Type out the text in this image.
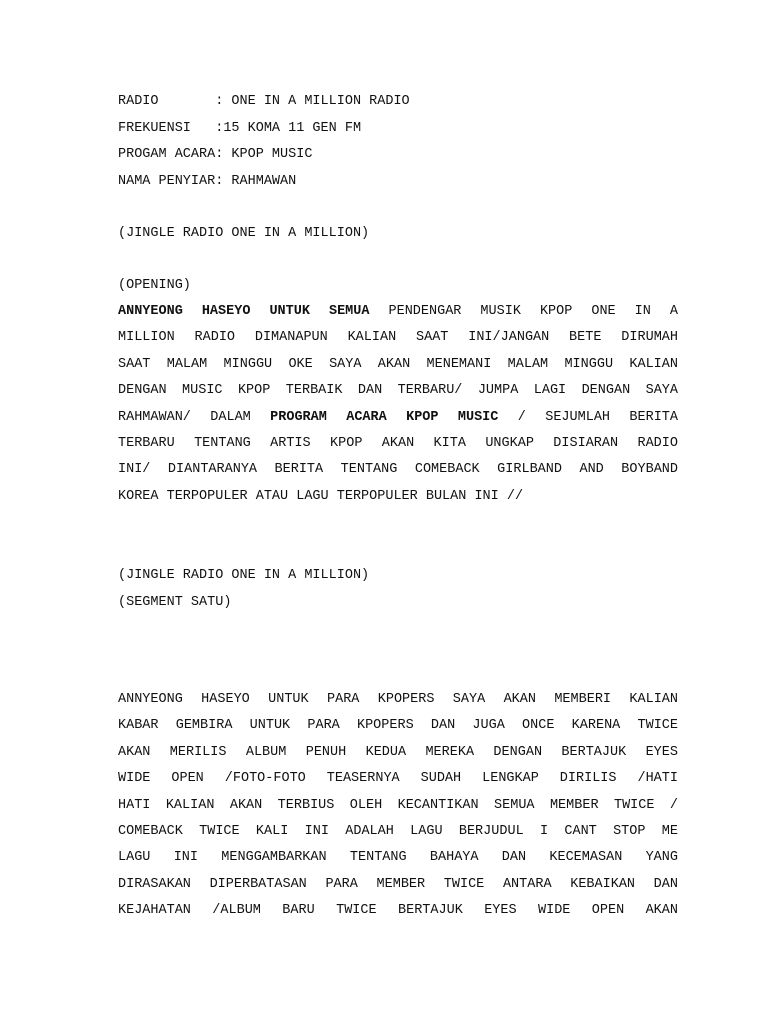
RADIO       : ONE IN A MILLION RADIO
FREKUENSI   :15 KOMA 11 GEN FM
PROGAM ACARA: KPOP MUSIC
NAMA PENYIAR: RAHMAWAN
(JINGLE RADIO ONE IN A MILLION)
(OPENING)
ANNYEONG HASEYO UNTUK SEMUA PENDENGAR MUSIK KPOP ONE IN A
MILLION RADIO DIMANAPUN KALIAN SAAT INI/JANGAN BETE DIRUMAH
SAAT MALAM MINGGU OKE SAYA AKAN MENEMANI MALAM MINGGU KALIAN
DENGAN MUSIC KPOP TERBAIK DAN TERBARU/ JUMPA LAGI DENGAN SAYA
RAHMAWAN/ DALAM PROGRAM ACARA KPOP MUSIC / SEJUMLAH BERITA
TERBARU TENTANG ARTIS KPOP AKAN KITA UNGKAP DISIARAN RADIO
INI/ DIANTARANYA BERITA TENTANG COMEBACK GIRLBAND AND BOYBAND
KOREA TERPOPULER ATAU LAGU TERPOPULER BULAN INI //
(JINGLE RADIO ONE IN A MILLION)
(SEGMENT SATU)
ANNYEONG HASEYO UNTUK PARA KPOPERS SAYA AKAN MEMBERI KALIAN
KABAR GEMBIRA UNTUK PARA KPOPERS DAN JUGA ONCE KARENA TWICE
AKAN MERILIS ALBUM PENUH KEDUA MEREKA DENGAN BERTAJUK EYES
WIDE OPEN /FOTO-FOTO TEASERNYA SUDAH LENGKAP DIRILIS /HATI
HATI KALIAN AKAN TERBIUS OLEH KECANTIKAN SEMUA MEMBER TWICE /
COMEBACK TWICE KALI INI ADALAH LAGU BERJUDUL I CANT STOP ME
LAGU INI MENGGAMBARKAN TENTANG BAHAYA DAN KECEMASAN YANG
DIRASAKAN DIPERBATASAN PARA MEMBER TWICE ANTARA KEBAIKAN DAN
KEJAHATAN /ALBUM BARU TWICE BERTAJUK EYES WIDE OPEN AKAN
